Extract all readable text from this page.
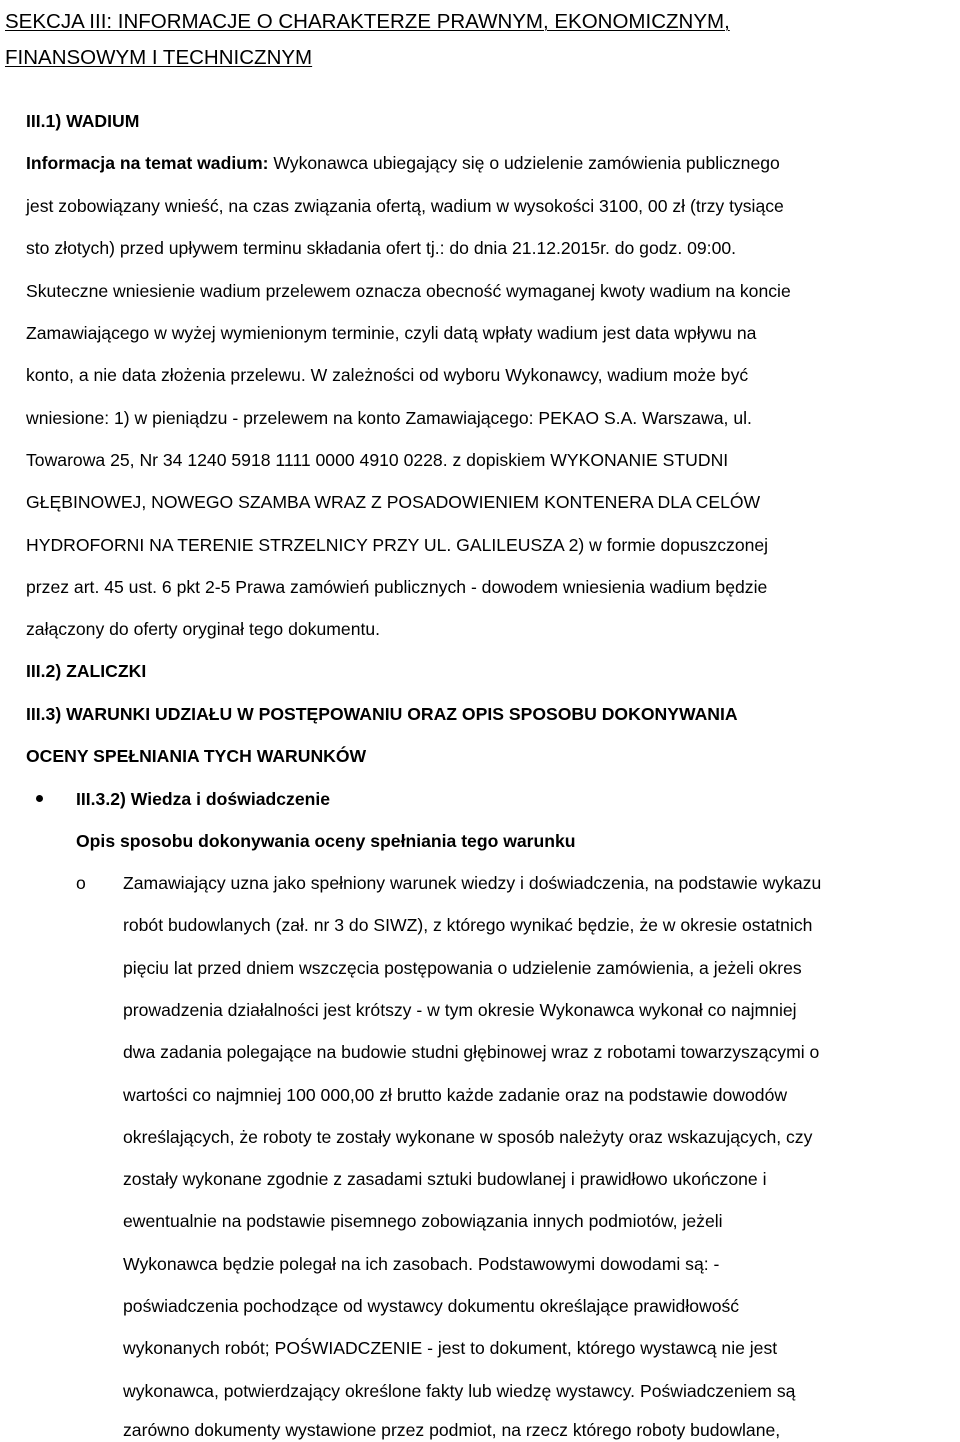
SEKCJA III: INFORMACJE O CHARAKTERZE PRAWNYM, EKONOMICZNYM,
FINANSOWYM I TECHNICZNYM
III.1) WADIUM
Informacja na temat wadium: Wykonawca ubiegający się o udzielenie zamówienia publicznego
jest zobowiązany wnieść, na czas związania ofertą, wadium w wysokości 3100, 00 zł (trzy tysiące
sto złotych) przed upływem terminu składania ofert tj.: do dnia 21.12.2015r. do godz. 09:00.
Skuteczne wniesienie wadium przelewem oznacza obecność wymaganej kwoty wadium na koncie
Zamawiającego w wyżej wymienionym terminie, czyli datą wpłaty wadium jest data wpływu na
konto, a nie data złożenia przelewu. W zależności od wyboru Wykonawcy, wadium może być
wniesione: 1) w pieniądzu - przelewem na konto Zamawiającego: PEKAO S.A. Warszawa, ul.
Towarowa 25, Nr 34 1240 5918 1111 0000 4910 0228. z dopiskiem WYKONANIE STUDNI
GŁĘBINOWEJ, NOWEGO SZAMBA WRAZ Z POSADOWIENIEM KONTENERA DLA CELÓW
HYDROFORNI NA TERENIE STRZELNICY PRZY UL. GALILEUSZA 2) w formie dopuszczonej
przez art. 45 ust. 6 pkt 2-5 Prawa zamówień publicznych - dowodem wniesienia wadium będzie
załączony do oferty oryginał tego dokumentu.
III.2) ZALICZKI
III.3) WARUNKI UDZIAŁU W POSTĘPOWANIU ORAZ OPIS SPOSOBU DOKONYWANIA
OCENY SPEŁNIANIA TYCH WARUNKÓW
III.3.2) Wiedza i doświadczenie
Opis sposobu dokonywania oceny spełniania tego warunku
o Zamawiający uzna jako spełniony warunek wiedzy i doświadczenia, na podstawie wykazu
robót budowlanych (zał. nr 3 do SIWZ), z którego wynikać będzie, że w okresie ostatnich
pięciu lat przed dniem wszczęcia postępowania o udzielenie zamówienia, a jeżeli okres
prowadzenia działalności jest krótszy - w tym okresie Wykonawca wykonał co najmniej
dwa zadania polegające na budowie studni głębinowej wraz z robotami towarzyszącymi o
wartości co najmniej 100 000,00 zł brutto każde zadanie oraz na podstawie dowodów
określających, że roboty te zostały wykonane w sposób należyty oraz wskazujących, czy
zostały wykonane zgodnie z zasadami sztuki budowlanej i prawidłowo ukończone i
ewentualnie na podstawie pisemnego zobowiązania innych podmiotów, jeżeli
Wykonawca będzie polegał na ich zasobach. Podstawowymi dowodami są: -
poświadczenia pochodzące od wystawcy dokumentu określające prawidłowość
wykonanych robót; POŚWIADCZENIE - jest to dokument, którego wystawcą nie jest
wykonawca, potwierdzający określone fakty lub wiedzę wystawcy. Poświadczeniem są
zarówno dokumenty wystawione przez podmiot, na rzecz którego roboty budowlane,
